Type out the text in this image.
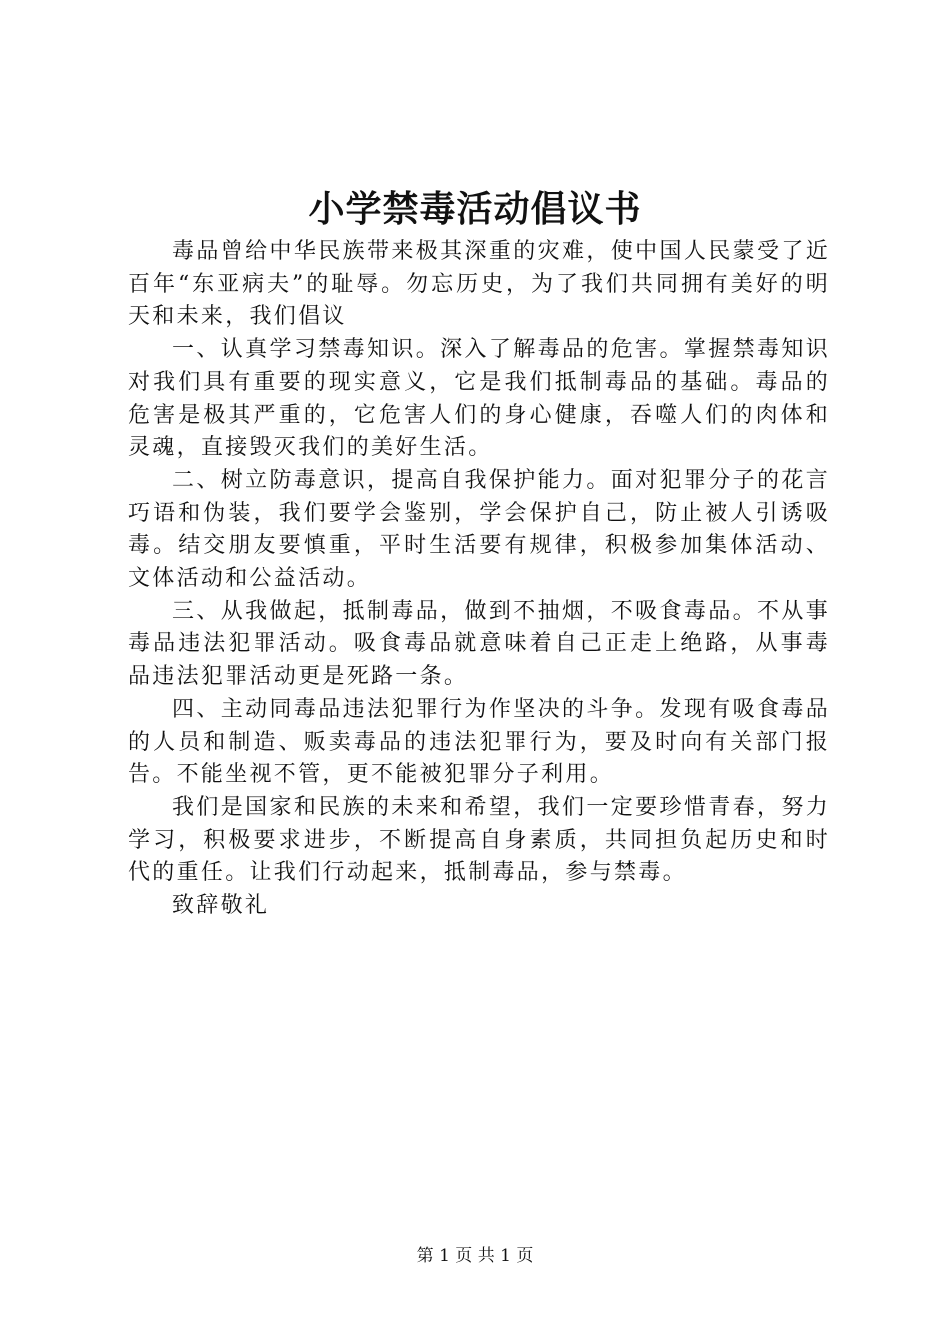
小学禁毒活动倡议书

毒品曾给中华民族带来极其深重的灾难，使中国人民蒙受了近百年“东亚病夫”的耻辱。勿忘历史，为了我们共同拥有美好的明天和未来，我们倡议

一、认真学习禁毒知识。深入了解毒品的危害。掌握禁毒知识对我们具有重要的现实意义，它是我们抵制毒品的基础。毒品的危害是极其严重的，它危害人们的身心健康，吞噬人们的肉体和灵魂，直接毁灭我们的美好生活。

二、树立防毒意识，提高自我保护能力。面对犯罪分子的花言巧语和伪装，我们要学会鉴别，学会保护自己，防止被人引诱吸毒。结交朋友要慎重，平时生活要有规律，积极参加集体活动、文体活动和公益活动。

三、从我做起，抵制毒品，做到不抽烟，不吸食毒品。不从事毒品违法犯罪活动。吸食毒品就意味着自己正走上绝路，从事毒品违法犯罪活动更是死路一条。

四、主动同毒品违法犯罪行为作坚决的斗争。发现有吸食毒品的人员和制造、贩卖毒品的违法犯罪行为，要及时向有关部门报告。不能坐视不管，更不能被犯罪分子利用。

我们是国家和民族的未来和希望，我们一定要珍惜青春，努力学习，积极要求进步，不断提高自身素质，共同担负起历史和时代的重任。让我们行动起来，抵制毒品，参与禁毒。

致辞敬礼

第 1 页 共 1 页
